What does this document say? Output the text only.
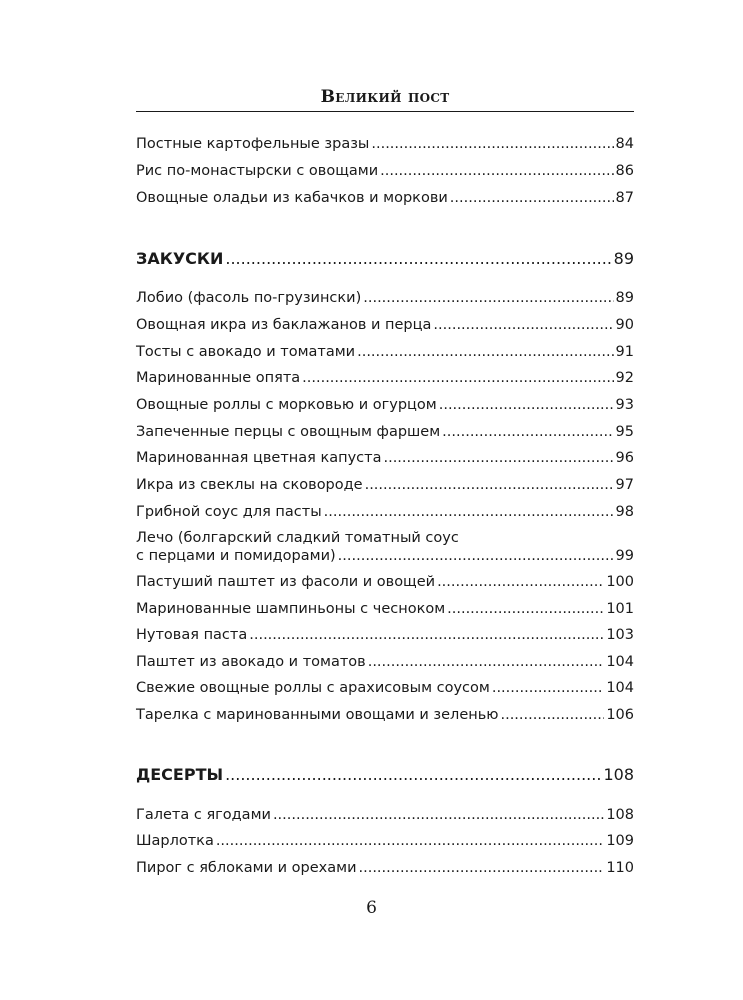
Великий пост
Постные картофельные зразы .....	84
Рис по-монастырски с овощами .....	86
Овощные оладьи из кабачков и моркови .....	87
ЗАКУСКИ .....	89
Лобио (фасоль по-грузински) .....	89
Овощная икра из баклажанов и перца .....	90
Тосты с авокадо и томатами .....	91
Маринованные опята .....	92
Овощные роллы с морковью и огурцом .....	93
Запеченные перцы с овощным фаршем .....	95
Маринованная цветная капуста .....	96
Икра из свеклы на сковороде .....	97
Грибной соус для пасты .....	98
Лечо (болгарский сладкий томатный соус
с перцами и помидорами) .....	99
Пастуший паштет из фасоли и овощей .....	100
Маринованные шампиньоны с чесноком .....	101
Нутовая паста .....	103
Паштет из авокадо и томатов .....	104
Свежие овощные роллы с арахисовым соусом .....	104
Тарелка с маринованными овощами и зеленью .....	106
ДЕСЕРТЫ .....	108
Галета с ягодами .....	108
Шарлотка .....	109
Пирог с яблоками и орехами .....	110
6
